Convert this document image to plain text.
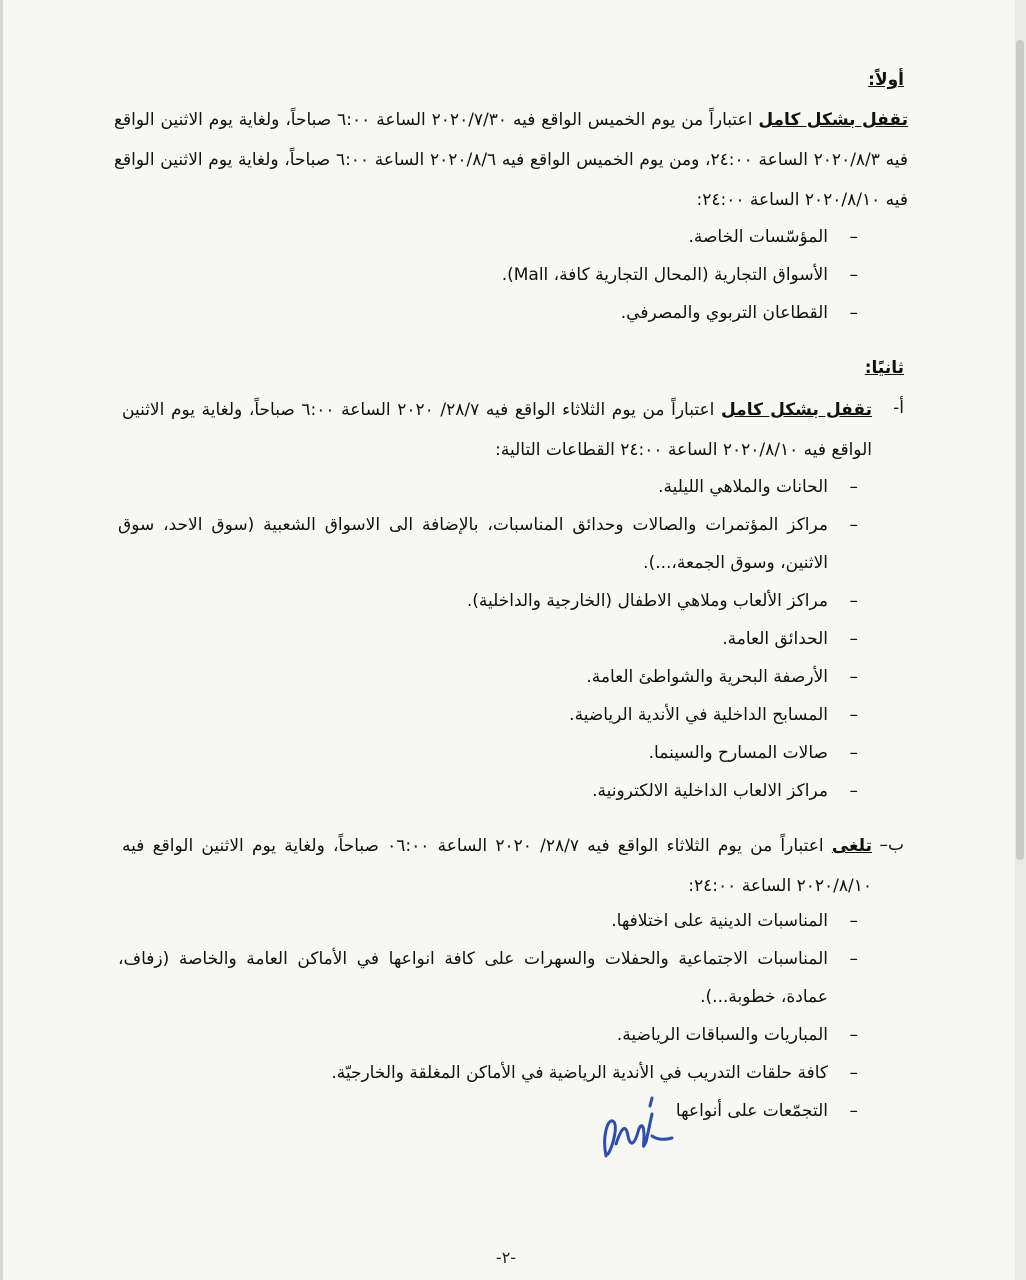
أولاً:
تقفل بشكل كامل اعتباراً من يوم الخميس الواقع فيه ٢٠٢٠/٧/٣٠ الساعة ٦:٠٠ صباحاً، ولغاية يوم الاثنين الواقع فيه ٢٠٢٠/٨/٣ الساعة ٢٤:٠٠، ومن يوم الخميس الواقع فيه ٢٠٢٠/٨/٦ الساعة ٦:٠٠ صباحاً، ولغاية يوم الاثنين الواقع فيه ٢٠٢٠/٨/١٠ الساعة ٢٤:٠٠:
–
المؤسّسات الخاصة.
–
الأسواق التجارية (المحال التجارية كافة، Mall).
–
القطاعان التربوي والمصرفي.
ثانيًا:
أ-
تقفل بشكل كامل اعتباراً من يوم الثلاثاء الواقع فيه ٢٨/٧/ ٢٠٢٠ الساعة ٦:٠٠ صباحاً، ولغاية يوم الاثنين الواقع فيه ٢٠٢٠/٨/١٠ الساعة ٢٤:٠٠ القطاعات التالية:
–
الحانات والملاهي الليلية.
–
مراكز المؤتمرات والصالات وحدائق المناسبات، بالإضافة الى الاسواق الشعبية (سوق الاحد، سوق الاثنين، وسوق الجمعة،...).
–
مراكز الألعاب وملاهي الاطفال (الخارجية والداخلية).
–
الحدائق العامة.
–
الأرصفة البحرية والشواطئ العامة.
–
المسابح الداخلية في الأندية الرياضية.
–
صالات المسارح والسينما.
–
مراكز الالعاب الداخلية الالكترونية.
ب–
تلغى اعتباراً من يوم الثلاثاء الواقع فيه ٢٨/٧/ ٢٠٢٠ الساعة ٠٦:٠٠ صباحاً، ولغاية يوم الاثنين الواقع فيه ٢٠٢٠/٨/١٠ الساعة ٢٤:٠٠:
–
المناسبات الدينية على اختلافها.
–
المناسبات الاجتماعية والحفلات والسهرات على كافة انواعها في الأماكن العامة والخاصة (زفاف، عمادة، خطوبة...).
–
المباريات والسباقات الرياضية.
–
كافة حلقات التدريب في الأندية الرياضية في الأماكن المغلقة والخارجيّة.
–
التجمّعات على أنواعها
-٢-
